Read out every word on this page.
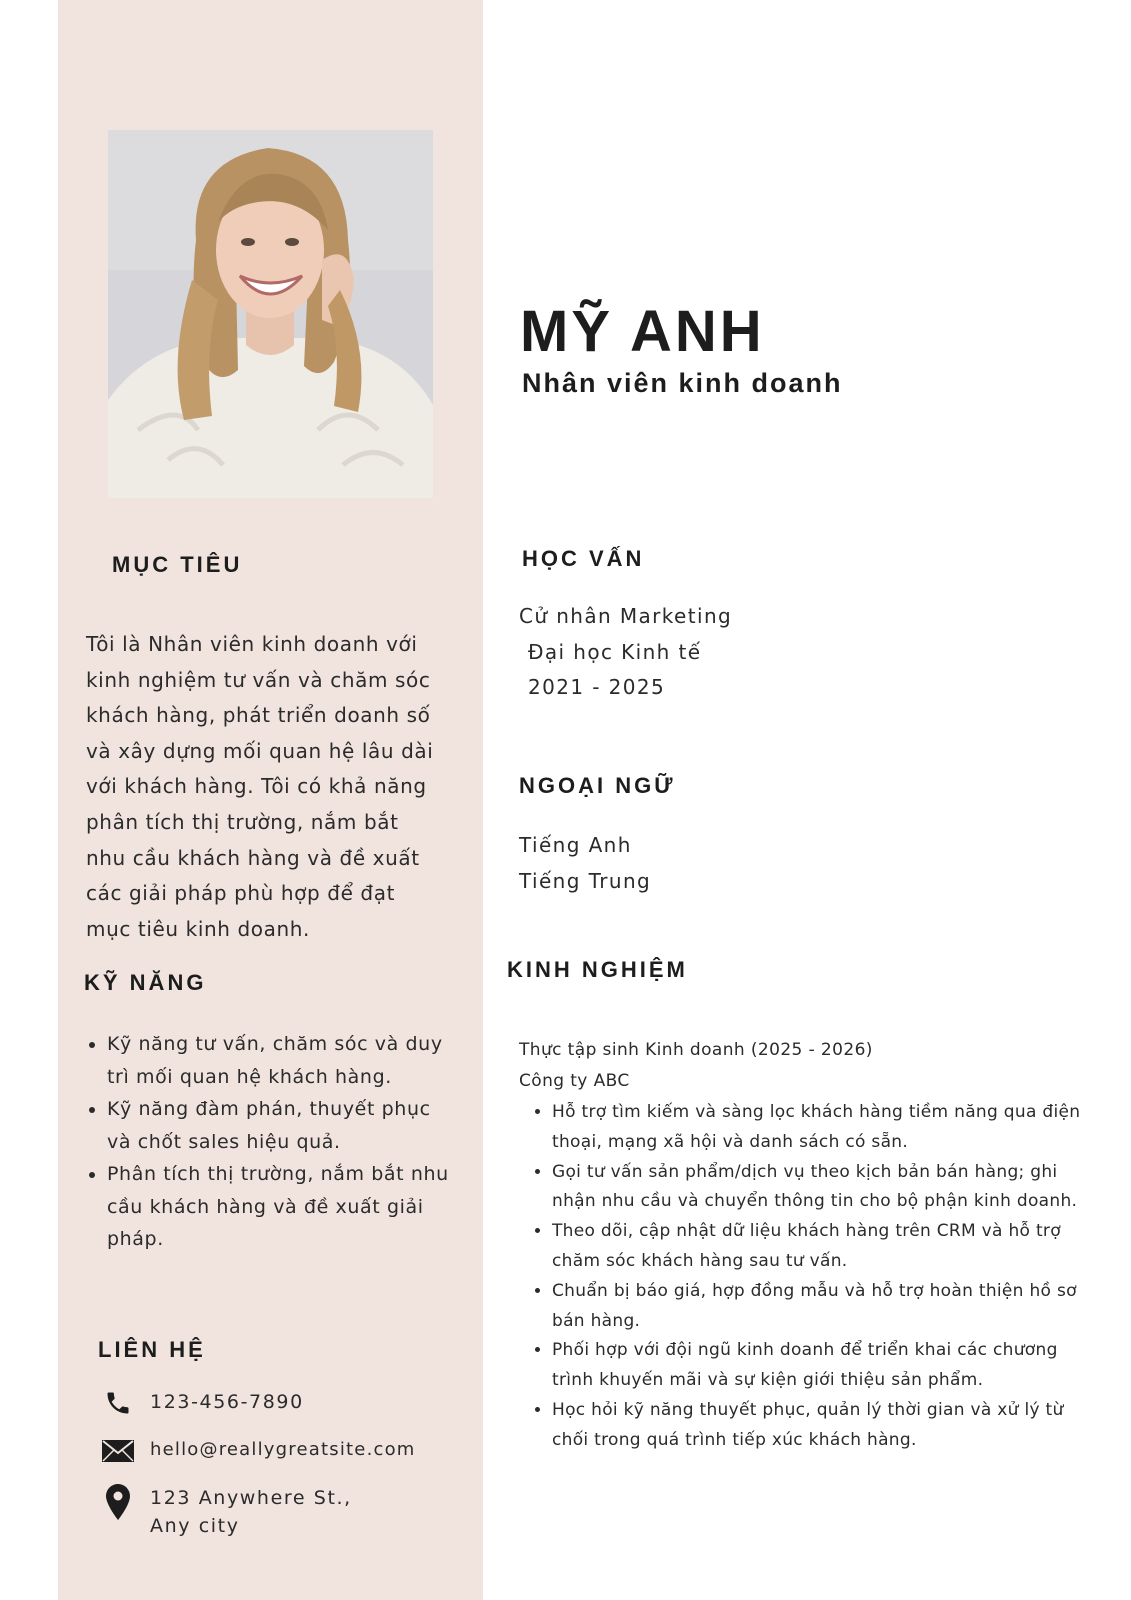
MỤC TIÊU

Tôi là Nhân viên kinh doanh với kinh nghiệm tư vấn và chăm sóc khách hàng, phát triển doanh số và xây dựng mối quan hệ lâu dài với khách hàng. Tôi có khả năng phân tích thị trường, nắm bắt nhu cầu khách hàng và đề xuất các giải pháp phù hợp để đạt mục tiêu kinh doanh.

KỸ NĂNG
• Kỹ năng tư vấn, chăm sóc và duy trì mối quan hệ khách hàng.
• Kỹ năng đàm phán, thuyết phục và chốt sales hiệu quả.
• Phân tích thị trường, nắm bắt nhu cầu khách hàng và đề xuất giải pháp.
LIÊN HỆ
123-456-7890
hello@reallygreatsite.com
123 Anywhere St., Any city
MỸ ANH
Nhân viên kinh doanh
HỌC VẤN

Cử nhân Marketing

Đại học Kinh tế

2021 - 2025

NGOẠI NGỮ

Tiếng Anh

Tiếng Trung

KINH NGHIỆM

Thực tập sinh Kinh doanh (2025 - 2026)

Công ty ABC

• Hỗ trợ tìm kiếm và sàng lọc khách hàng tiềm năng qua điện thoại, mạng xã hội và danh sách có sẵn.
• Gọi tư vấn sản phẩm/dịch vụ theo kịch bản bán hàng; ghi nhận nhu cầu và chuyển thông tin cho bộ phận kinh doanh.
• Theo dõi, cập nhật dữ liệu khách hàng trên CRM và hỗ trợ chăm sóc khách hàng sau tư vấn.
• Chuẩn bị báo giá, hợp đồng mẫu và hỗ trợ hoàn thiện hồ sơ bán hàng.
• Phối hợp với đội ngũ kinh doanh để triển khai các chương trình khuyến mãi và sự kiện giới thiệu sản phẩm.
• Học hỏi kỹ năng thuyết phục, quản lý thời gian và xử lý từ chối trong quá trình tiếp xúc khách hàng.
